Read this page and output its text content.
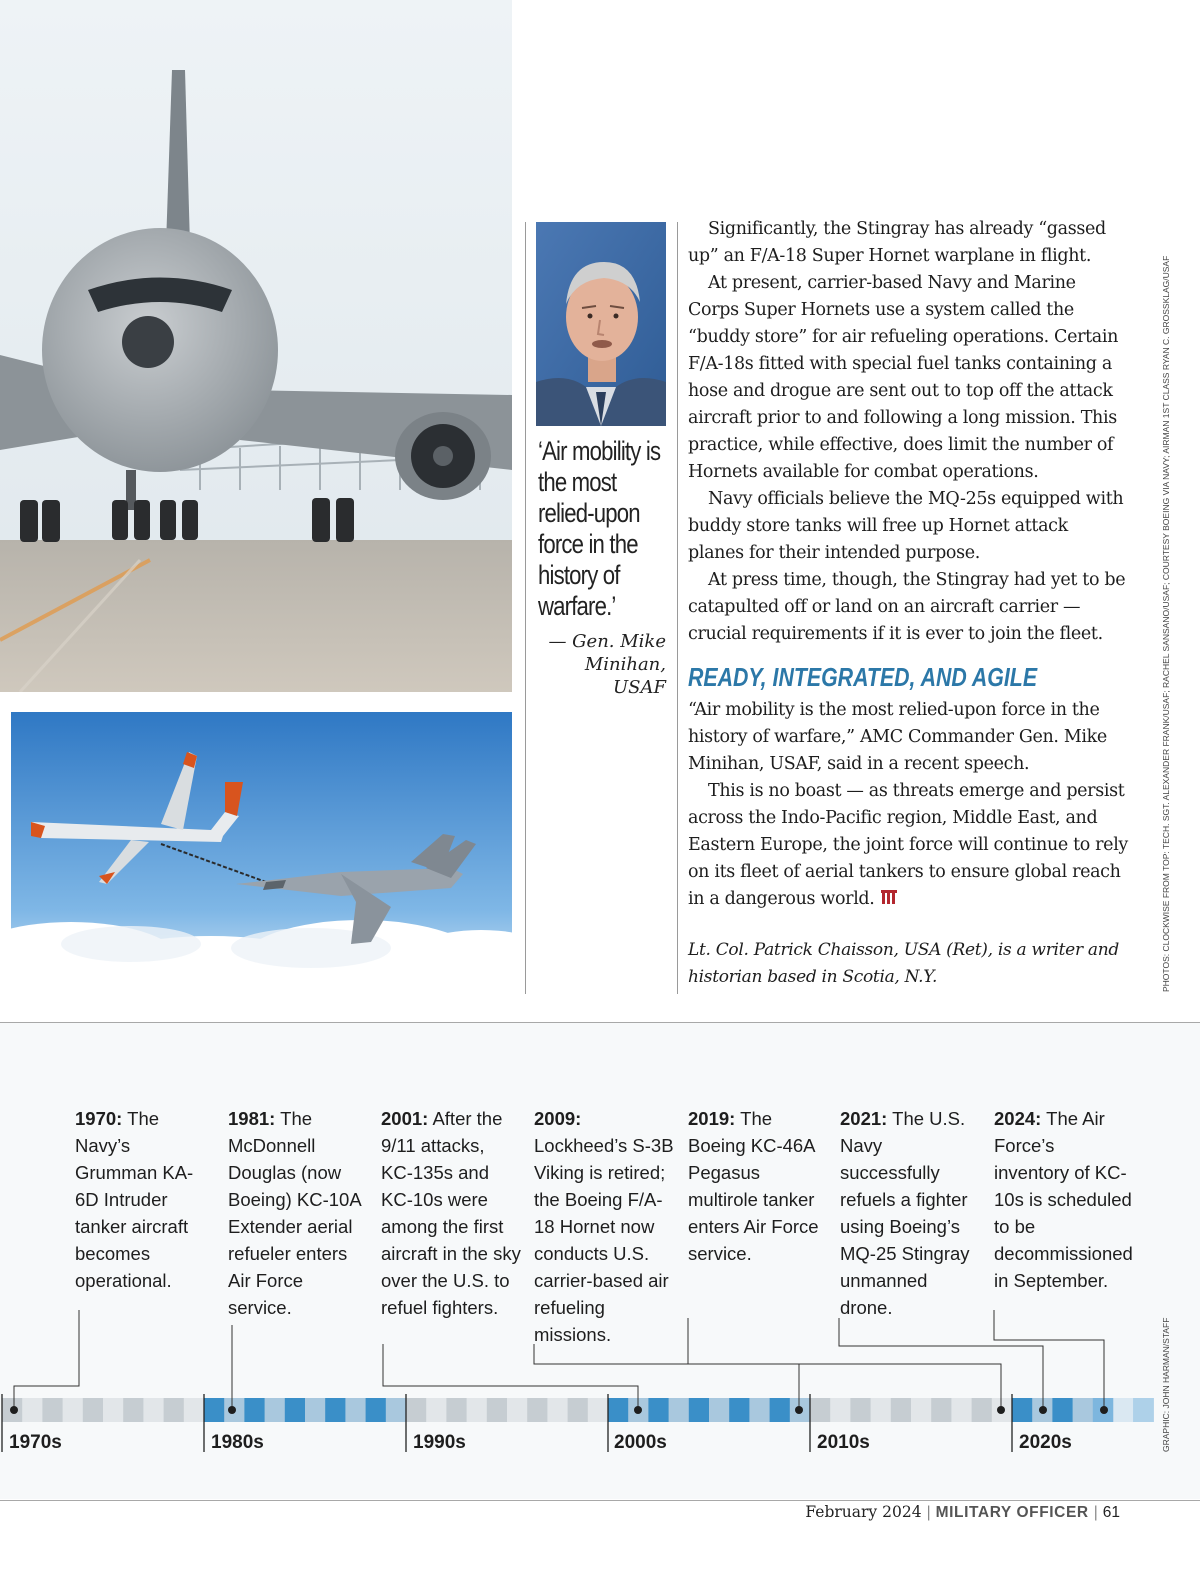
‘Air mobility is the most relied-upon force in the history of warfare.’
— Gen. Mike Minihan, USAF

Significantly, the Stingray has already “gassed up” an F/A-18 Super Hornet warplane in flight.

At present, carrier-based Navy and Marine Corps Super Hornets use a system called the “buddy store” for air refueling operations. Certain F/A-18s fitted with special fuel tanks containing a hose and drogue are sent out to top off the attack aircraft prior to and following a long mission. This practice, while effective, does limit the number of Hornets available for combat operations.

Navy officials believe the MQ-25s equipped with buddy store tanks will free up Hornet attack planes for their intended purpose.

At press time, though, the Stingray had yet to be catapulted off or land on an aircraft carrier — crucial requirements if it is ever to join the fleet.

READY, INTEGRATED, AND AGILE

“Air mobility is the most relied-upon force in the history of warfare,” AMC Commander Gen. Mike Minihan, USAF, said in a recent speech.

This is no boast — as threats emerge and persist across the Indo-Pacific region, Middle East, and Eastern Europe, the joint force will continue to rely on its fleet of aerial tankers to ensure global reach in a dangerous world.

Lt. Col. Patrick Chaisson, USA (Ret), is a writer and historian based in Scotia, N.Y.	PHOTOS: CLOCKWISE FROM TOP: TECH. SGT. ALEXANDER FRANK/USAF; RACHEL SANSANO/USAF; COURTESY BOEING VIA NAVY; AIRMAN 1ST CLASS RYAN C. GROSSKLAG/USAF
1970: The Navy’s Grumman KA-6D Intruder tanker aircraft becomes operational.
1981: The McDonnell Douglas (now Boeing) KC-10A Extender aerial refueler enters Air Force service.
2001: After the 9/11 attacks, KC-135s and KC-10s were among the first aircraft in the sky over the U.S. to refuel fighters.
2009: Lockheed’s S-3B Viking is retired; the Boeing F/A-18 Hornet now conducts U.S. carrier-based air refueling missions.
2019: The Boeing KC-46A Pegasus multirole tanker enters Air Force service.
2021: The U.S. Navy successfully refuels a fighter using Boeing’s MQ-25 Stingray unmanned drone.
2024: The Air Force’s inventory of KC-10s is scheduled to be decommissioned in September.
1970s	1980s	1990s	2000s	2010s	2020s	GRAPHIC: JOHN HARMAN/STAFF
February 2024 | MILITARY OFFICER | 61
